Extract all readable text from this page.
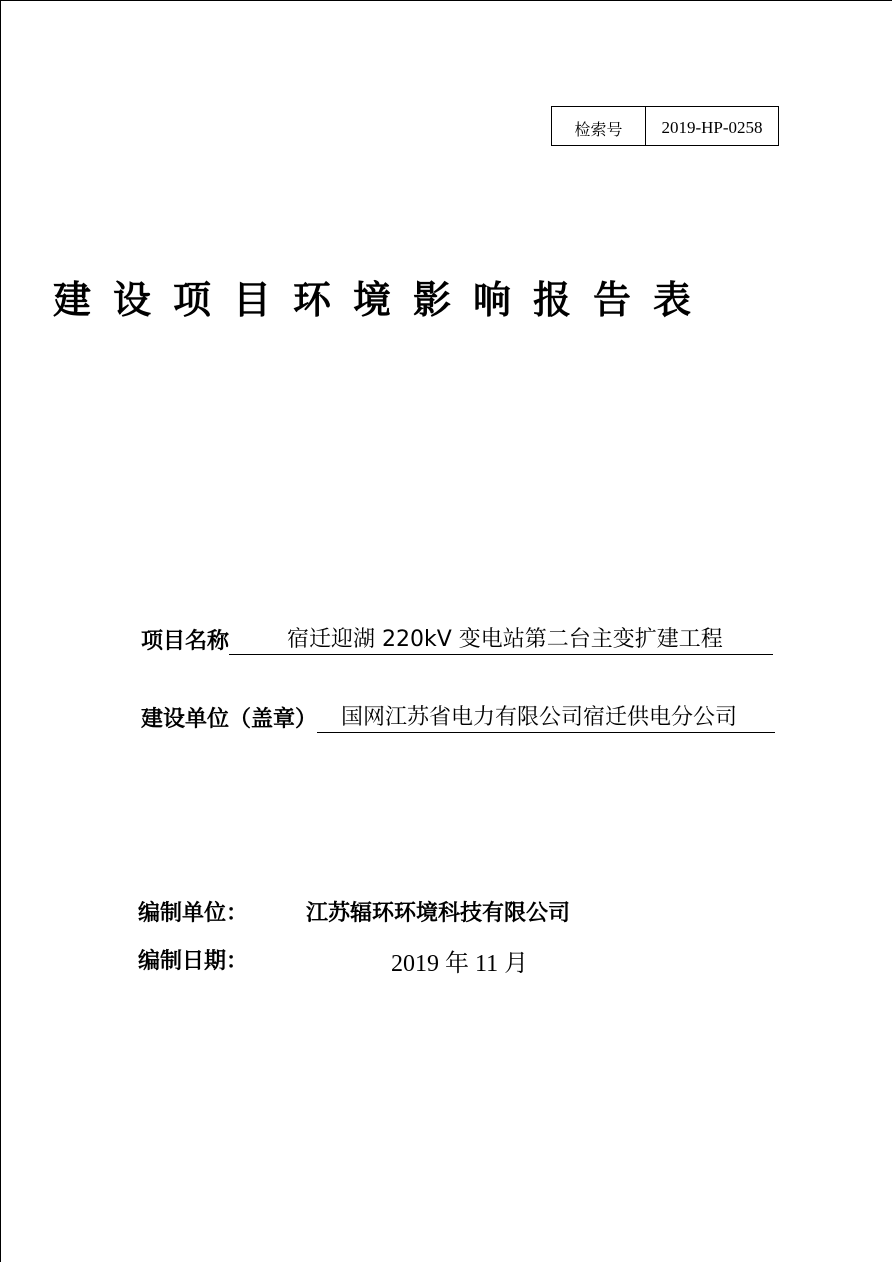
检索号	2019-HP-0258
建设项目环境影响报告表
项目名称	宿迁迎湖 220kV 变电站第二台主变扩建工程
建设单位（盖章）	国网江苏省电力有限公司宿迁供电分公司
编制单位：	江苏辐环环境科技有限公司
编制日期：	2019 年 11 月
